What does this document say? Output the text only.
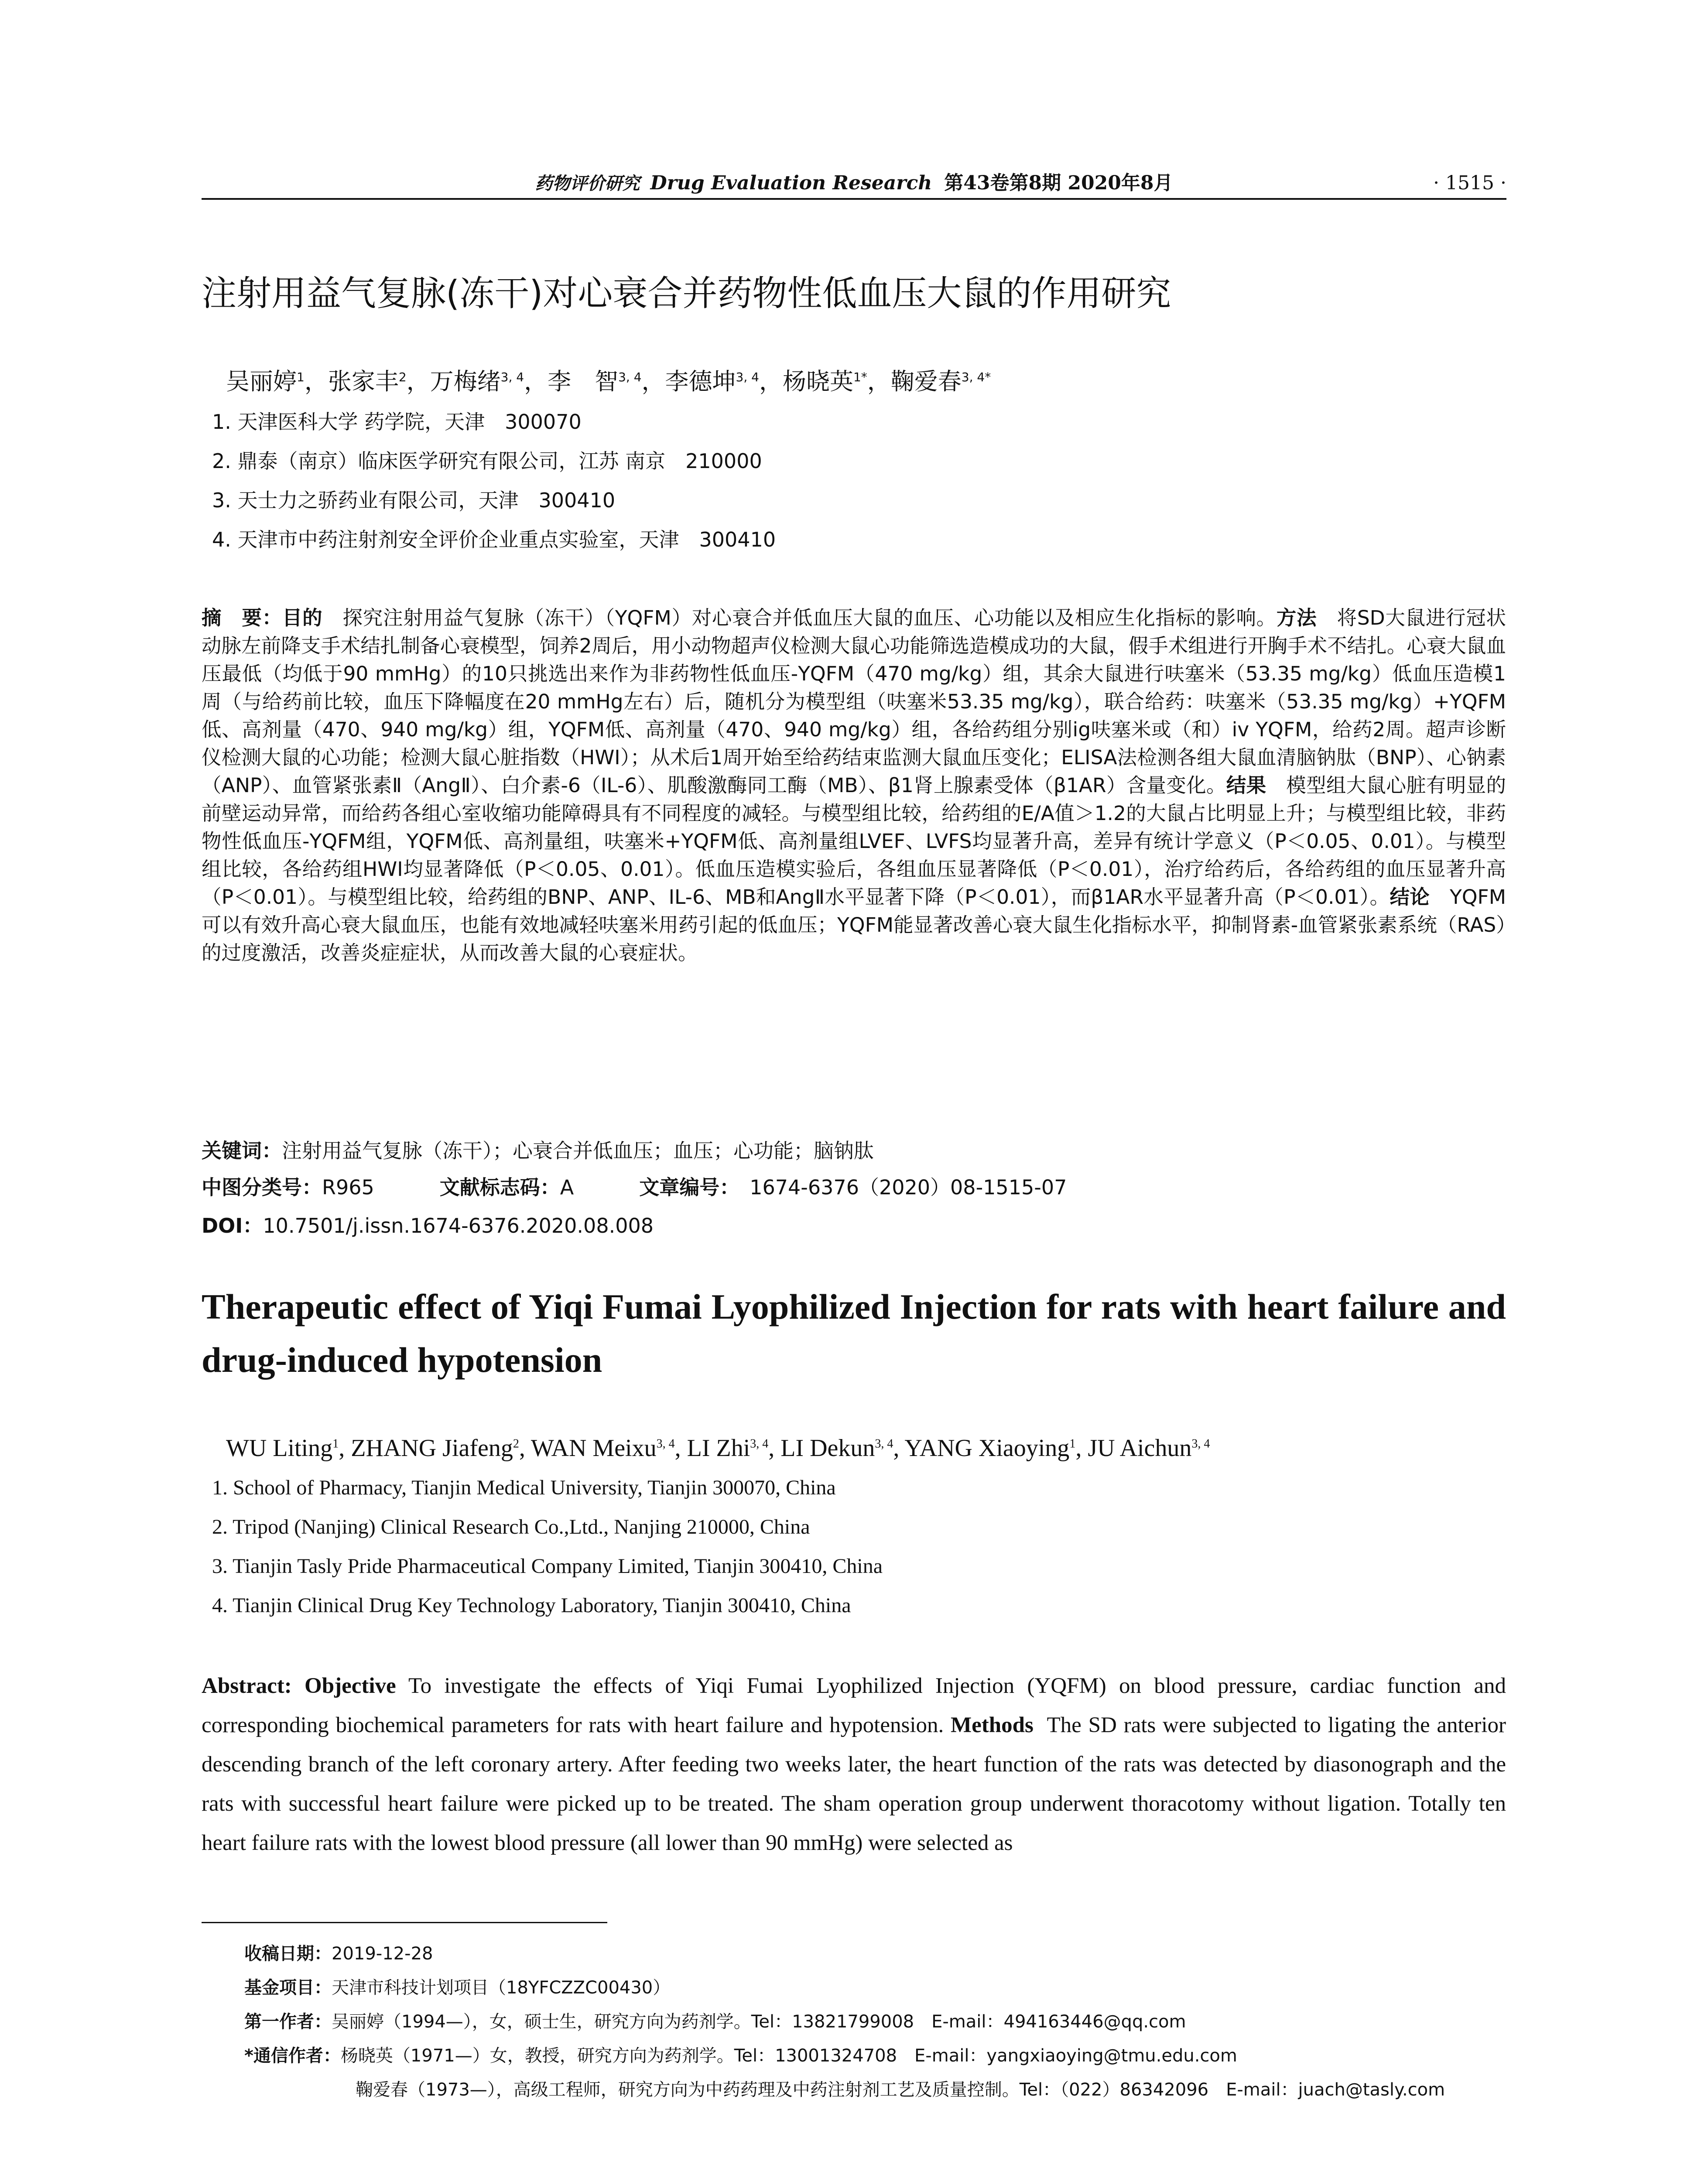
药物评价研究 Drug Evaluation Research 第43卷第8期 2020年8月	· 1515 ·
注射用益气复脉(冻干)对心衰合并药物性低血压大鼠的作用研究
吴丽婷$^1$，张家丰$^2$，万梅绪$^{3, 4}$，李　智$^{3, 4}$，李德坤$^{3, 4}$，杨晓英$^{1*}$，鞠爱春$^{3, 4*}$
1. 天津医科大学 药学院，天津　300070
2. 鼎泰（南京）临床医学研究有限公司，江苏 南京　210000
3. 天士力之骄药业有限公司，天津　300410
4. 天津市中药注射剂安全评价企业重点实验室，天津　300410

摘　要：目的　 探究注射用益气复脉（冻干）（YQFM）对心衰合并低血压大鼠的血压、心功能以及相应生化指标的影响。方法　 将SD大鼠进行冠状动脉左前降支手术结扎制备心衰模型，饲养2周后，用小动物超声仪检测大鼠心功能筛选造模成功的大鼠，假手术组进行开胸手术不结扎。心衰大鼠血压最低（均低于90 mmHg）的10只挑选出来作为非药物性低血压-YQFM（470 mg/kg）组，其余大鼠进行呋塞米（53.35 mg/kg）低血压造模1周（与给药前比较，血压下降幅度在20 mmHg左右）后，随机分为模型组（呋塞米53.35 mg/kg），联合给药：呋塞米（53.35 mg/kg）+YQFM低、高剂量（470、940 mg/kg）组，YQFM低、高剂量（470、940 mg/kg）组，各给药组分别ig呋塞米或（和）iv YQFM，给药2周。超声诊断仪检测大鼠的心功能；检测大鼠心脏指数（HWI）；从术后1周开始至给药结束监测大鼠血压变化；ELISA法检测各组大鼠血清脑钠肽（BNP）、心钠素（ANP）、血管紧张素Ⅱ（AngⅡ）、白介素-6（IL-6）、肌酸激酶同工酶（MB）、β1肾上腺素受体（β1AR）含量变化。结果　 模型组大鼠心脏有明显的前壁运动异常，而给药各组心室收缩功能障碍具有不同程度的减轻。与模型组比较，给药组的E/A值＞1.2的大鼠占比明显上升；与模型组比较，非药物性低血压-YQFM组，YQFM低、高剂量组，呋塞米+YQFM低、高剂量组LVEF、LVFS均显著升高，差异有统计学意义（P＜0.05、0.01）。与模型组比较，各给药组HWI均显著降低（P＜0.05、0.01）。低血压造模实验后，各组血压显著降低（P＜0.01），治疗给药后，各给药组的血压显著升高（P＜0.01）。与模型组比较，给药组的BNP、ANP、IL-6、MB和AngⅡ水平显著下降（P＜0.01），而β1AR水平显著升高（P＜0.01）。结论　 YQFM可以有效升高心衰大鼠血压，也能有效地减轻呋塞米用药引起的低血压；YQFM能显著改善心衰大鼠生化指标水平，抑制肾素-血管紧张素系统（RAS）的过度激活，改善炎症症状，从而改善大鼠的心衰症状。

关键词：注射用益气复脉（冻干）；心衰合并低血压；血压；心功能；脑钠肽
中图分类号：R965	文献标志码：A	文章编号：　 1674-6376（2020）08-1515-07
DOI：10.7501/j.issn.1674-6376.2020.08.008
Therapeutic effect of Yiqi Fumai Lyophilized Injection for rats with heart failure and drug-induced hypotension
WU Liting$^1$, ZHANG Jiafeng$^2$, WAN Meixu$^{3, 4}$, LI Zhi$^{3, 4}$, LI Dekun$^{3, 4}$, YANG Xiaoying$^1$, JU Aichun$^{3, 4}$
1. School of Pharmacy, Tianjin Medical University, Tianjin 300070, China
2. Tripod (Nanjing) Clinical Research Co.,Ltd., Nanjing 210000, China
3. Tianjin Tasly Pride Pharmaceutical Company Limited, Tianjin 300410, China
4. Tianjin Clinical Drug Key Technology Laboratory, Tianjin 300410, China
Abstract: Objective To investigate the effects of Yiqi Fumai Lyophilized Injection (YQFM) on blood pressure, cardiac function and corresponding biochemical parameters for rats with heart failure and hypotension. Methods The SD rats were subjected to ligating the anterior descending branch of the left coronary artery. After feeding two weeks later, the heart function of the rats was detected by diasonograph and the rats with successful heart failure were picked up to be treated. The sham operation group underwent thoracotomy without ligation. Totally ten heart failure rats with the lowest blood pressure (all lower than 90 mmHg) were selected as
收稿日期：2019-12-28
基金项目：天津市科技计划项目（18YFCZZC00430）
第一作者：吴丽婷（1994—），女，硕士生，研究方向为药剂学。Tel：13821799008　E-mail：494163446@qq.com
*通信作者：杨晓英（1971—）女，教授，研究方向为药剂学。Tel：13001324708　E-mail：yangxiaoying@tmu.edu.com
鞠爱春（1973—），高级工程师，研究方向为中药药理及中药注射剂工艺及质量控制。Tel：（022）86342096　E-mail：juach@tasly.com
